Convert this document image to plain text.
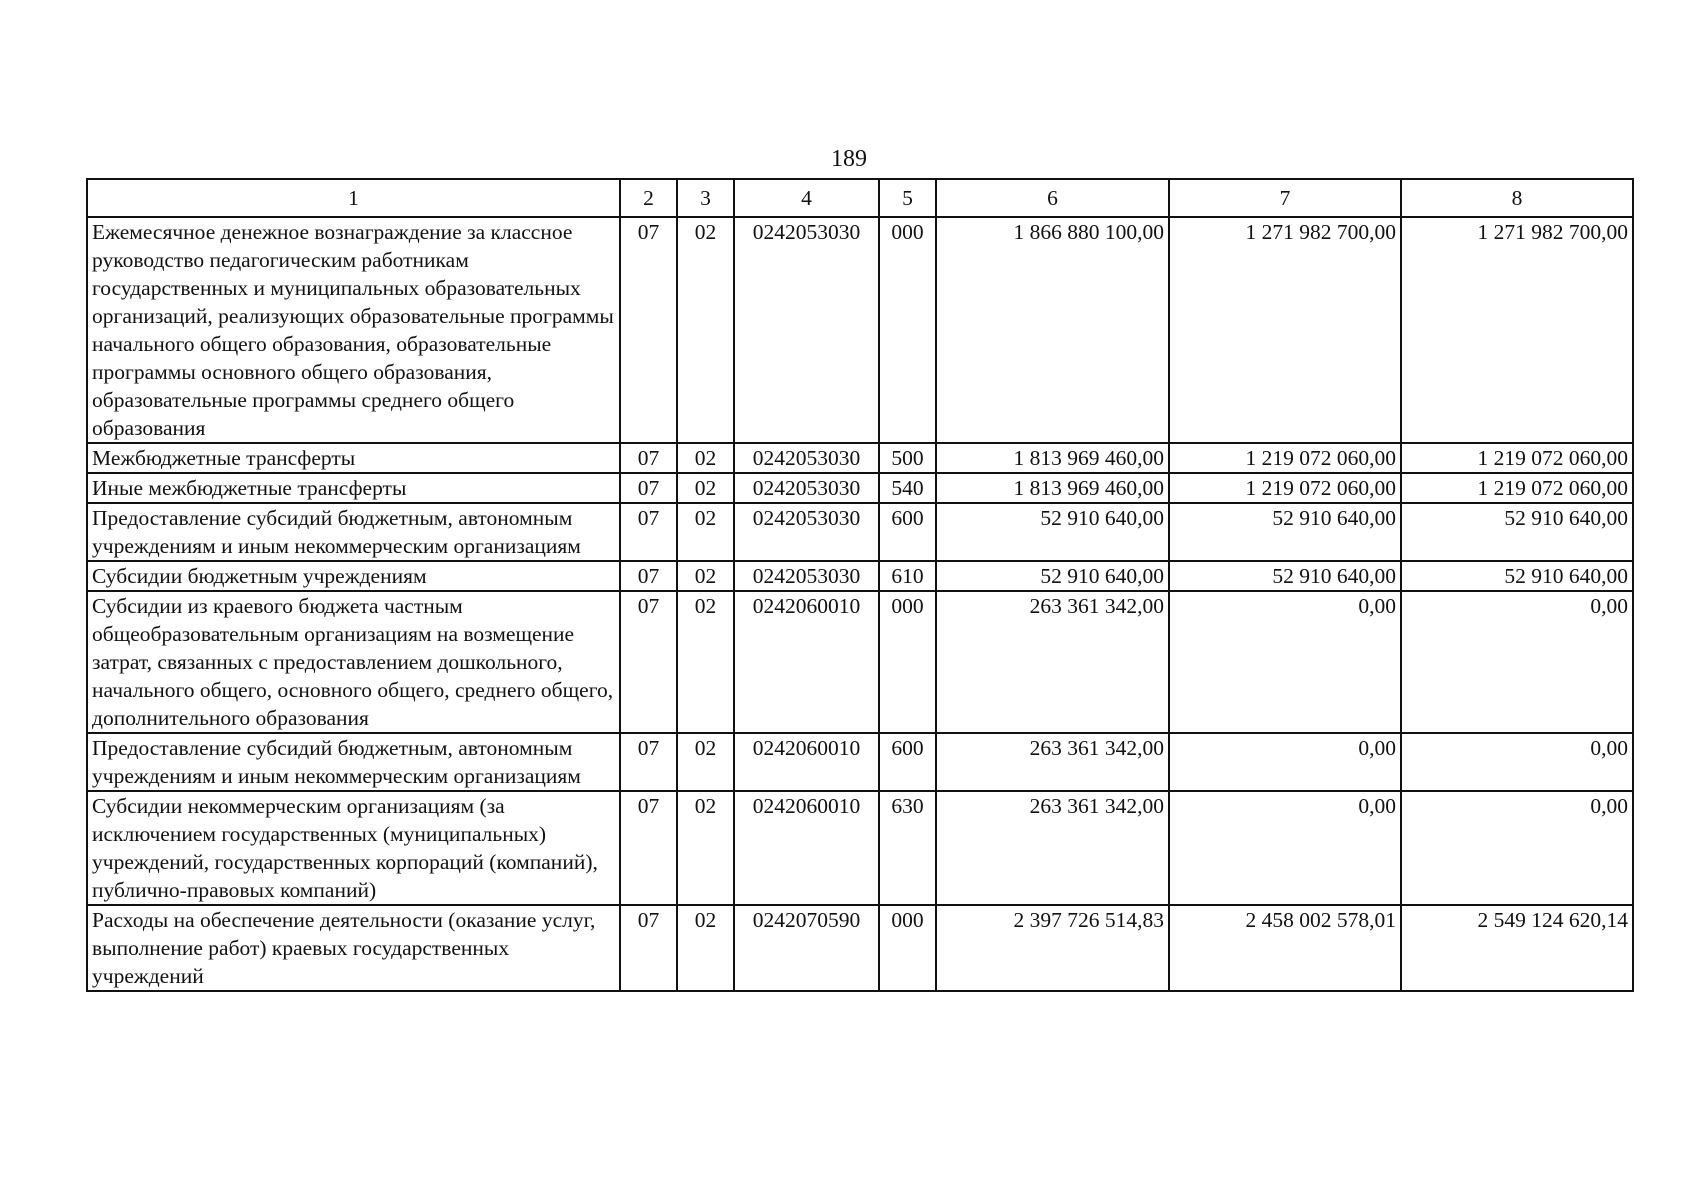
189
1	2	3	4	5	6	7	8
Ежемесячное денежное вознаграждение за классное руководство педагогическим работникам государственных и муниципальных образовательных организаций, реализующих образовательные программы начального общего образования, образовательные программы основного общего образования, образовательные программы среднего общего образования	07	02	0242053030	000	1 866 880 100,00	1 271 982 700,00	1 271 982 700,00
Межбюджетные трансферты	07	02	0242053030	500	1 813 969 460,00	1 219 072 060,00	1 219 072 060,00
Иные межбюджетные трансферты	07	02	0242053030	540	1 813 969 460,00	1 219 072 060,00	1 219 072 060,00
Предоставление субсидий бюджетным, автономным учреждениям и иным некоммерческим организациям	07	02	0242053030	600	52 910 640,00	52 910 640,00	52 910 640,00
Субсидии бюджетным учреждениям	07	02	0242053030	610	52 910 640,00	52 910 640,00	52 910 640,00
Субсидии из краевого бюджета частным общеобразовательным организациям на возмещение затрат, связанных с предоставлением дошкольного, начального общего, основного общего, среднего общего, дополнительного образования	07	02	0242060010	000	263 361 342,00	0,00	0,00
Предоставление субсидий бюджетным, автономным учреждениям и иным некоммерческим организациям	07	02	0242060010	600	263 361 342,00	0,00	0,00
Субсидии некоммерческим организациям (за исключением государственных (муниципальных) учреждений, государственных корпораций (компаний), публично-правовых компаний)	07	02	0242060010	630	263 361 342,00	0,00	0,00
Расходы на обеспечение деятельности (оказание услуг, выполнение работ) краевых государственных учреждений	07	02	0242070590	000	2 397 726 514,83	2 458 002 578,01	2 549 124 620,14
